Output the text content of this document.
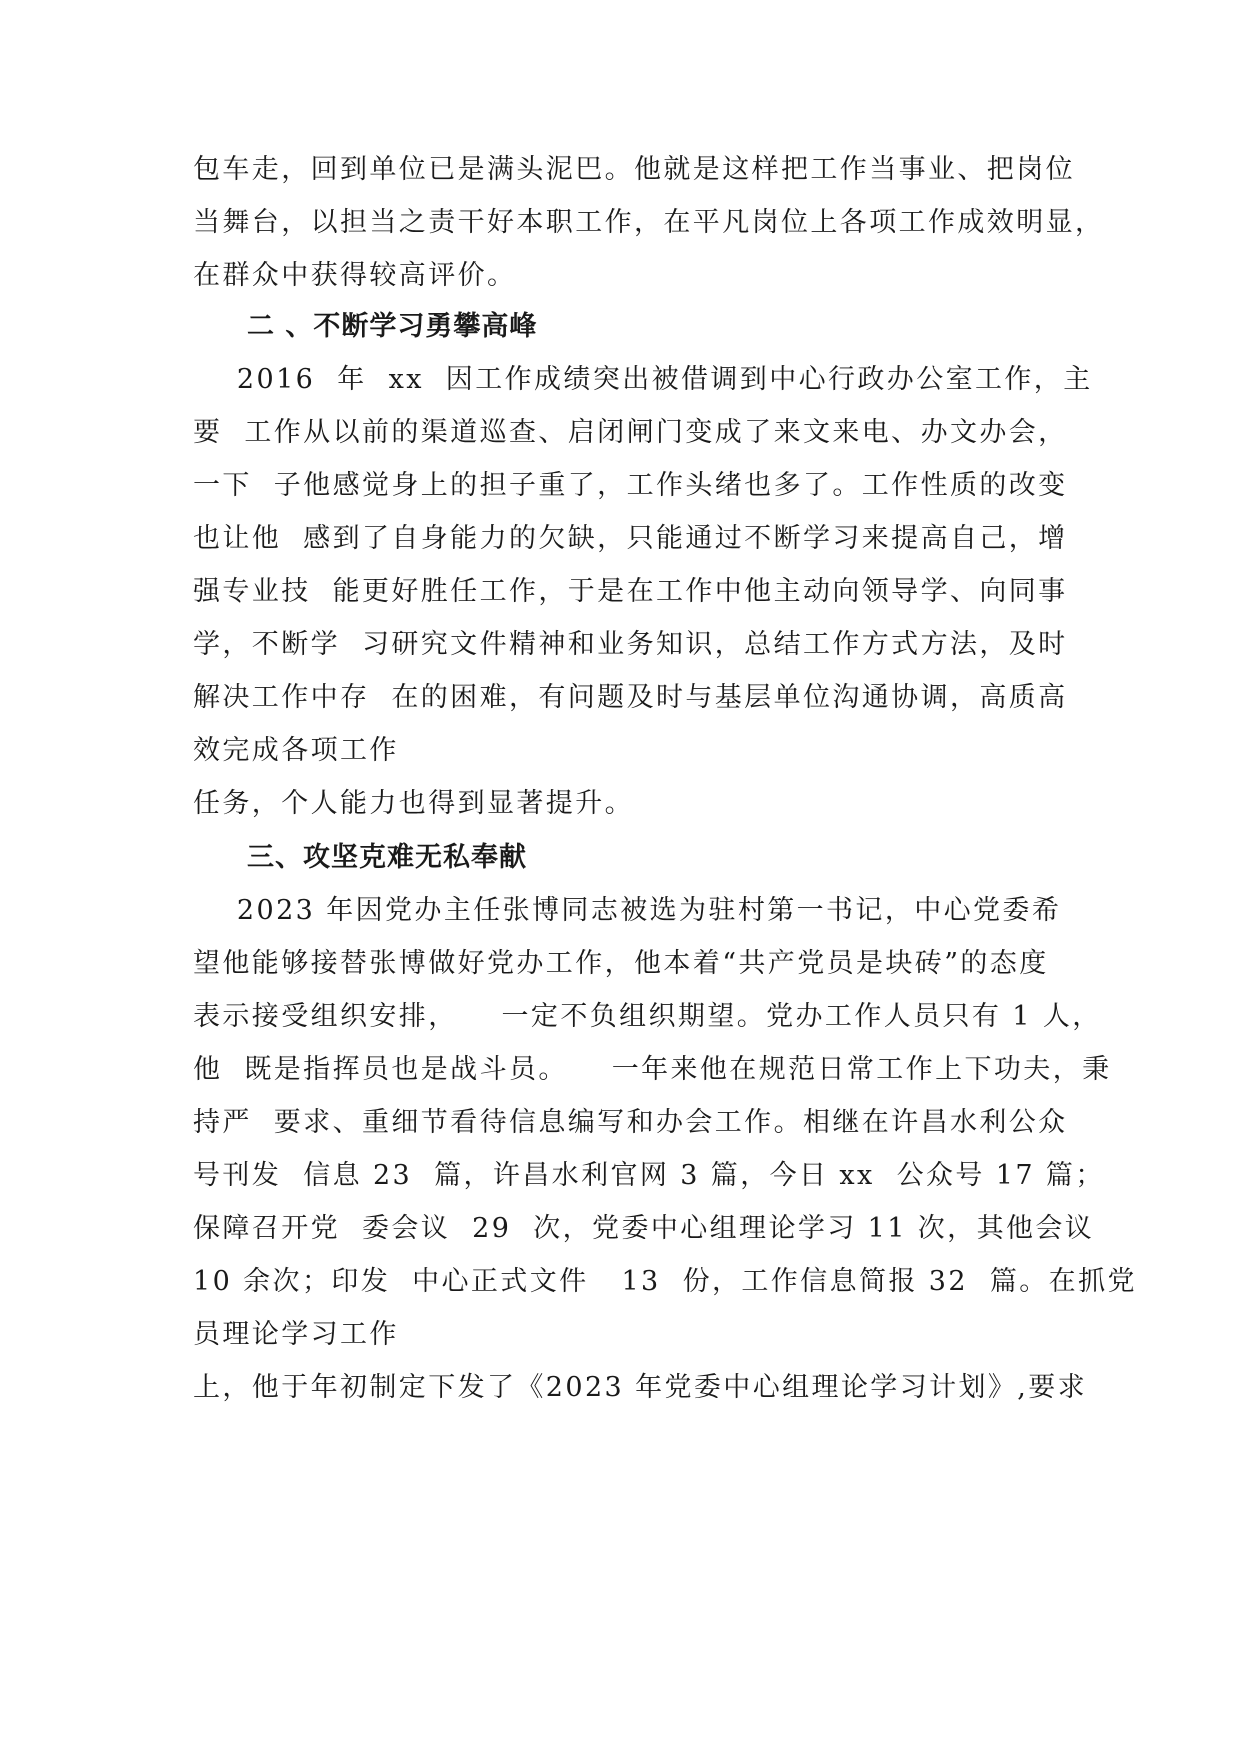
包车走，回到单位已是满头泥巴。他就是这样把工作当事业、把岗位
当舞台，以担当之责干好本职工作，在平凡岗位上各项工作成效明显，
在群众中获得较高评价。
二 、不断学习勇攀高峰
2016  年  xx  因工作成绩突出被借调到中心行政办公室工作，主
要  工作从以前的渠道巡查、启闭闸门变成了来文来电、办文办会，
一下  子他感觉身上的担子重了，工作头绪也多了。工作性质的改变
也让他  感到了自身能力的欠缺，只能通过不断学习来提高自己，增
强专业技  能更好胜任工作，于是在工作中他主动向领导学、向同事
学，不断学  习研究文件精神和业务知识，总结工作方式方法，及时
解决工作中存  在的困难，有问题及时与基层单位沟通协调，高质高
效完成各项工作
任务，个人能力也得到显著提升。
三、攻坚克难无私奉献
2023 年因党办主任张博同志被选为驻村第一书记，中心党委希
望他能够接替张博做好党办工作，他本着“共产党员是块砖”的态度
表示接受组织安排，    一定不负组织期望。党办工作人员只有 1 人，
他  既是指挥员也是战斗员。    一年来他在规范日常工作上下功夫，秉
持严  要求、重细节看待信息编写和办会工作。相继在许昌水利公众
号刊发  信息 23  篇，许昌水利官网 3 篇，今日 xx  公众号 17 篇；
保障召开党  委会议  29  次，党委中心组理论学习 11 次，其他会议
10 余次；印发  中心正式文件   13  份，工作信息简报 32  篇。在抓党
员理论学习工作
上，他于年初制定下发了《2023 年党委中心组理论学习计划》,要求
